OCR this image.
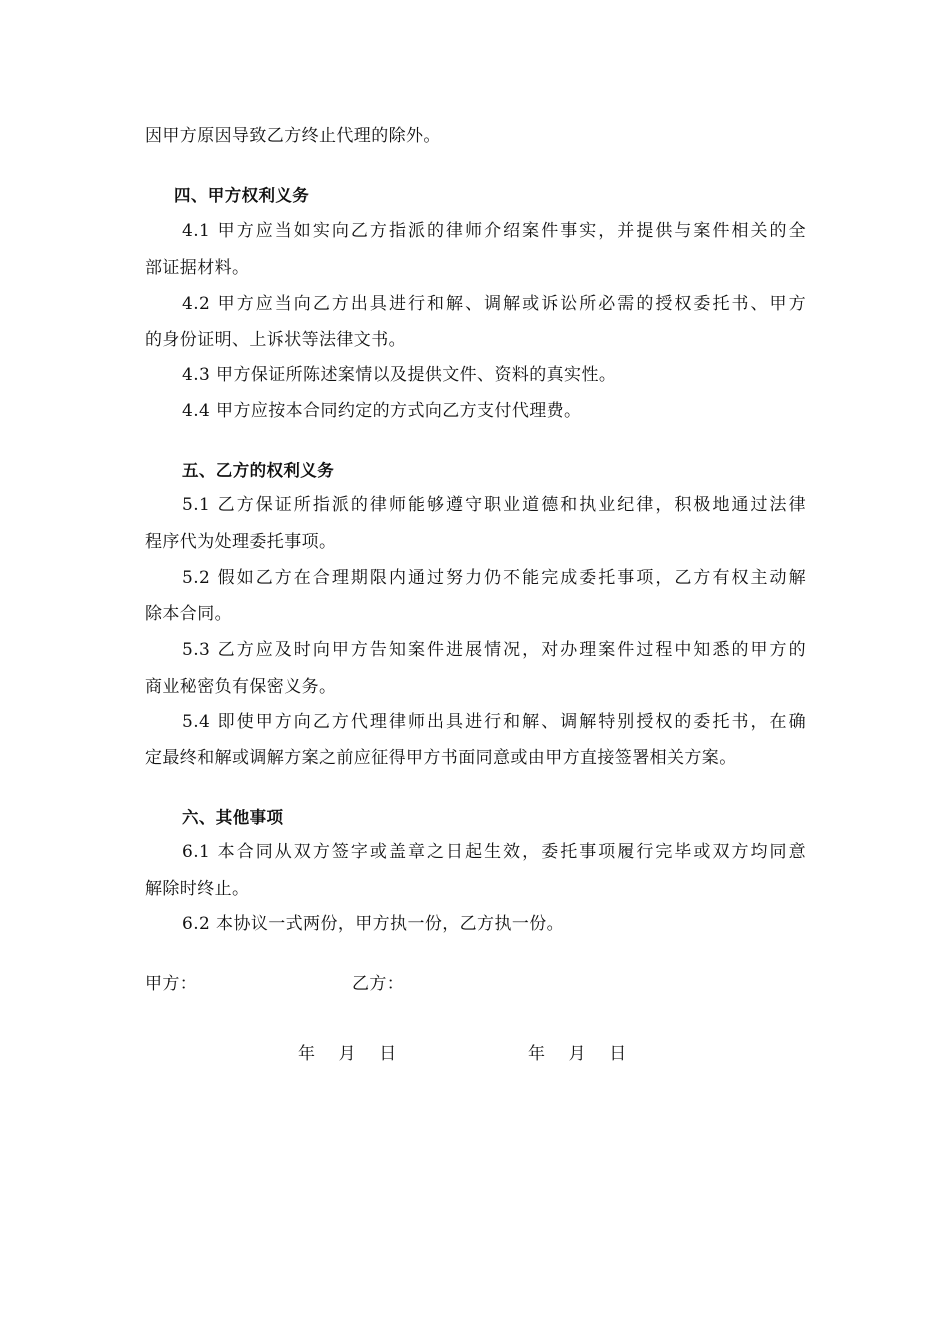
因甲方原因导致乙方终止代理的除外。
四、甲方权利义务
4.1 甲方应当如实向乙方指派的律师介绍案件事实，并提供与案件相关的全
部证据材料。
4.2 甲方应当向乙方出具进行和解、调解或诉讼所必需的授权委托书、甲方
的身份证明、上诉状等法律文书。
4.3 甲方保证所陈述案情以及提供文件、资料的真实性。
4.4 甲方应按本合同约定的方式向乙方支付代理费。
五、乙方的权利义务
5.1 乙方保证所指派的律师能够遵守职业道德和执业纪律，积极地通过法律
程序代为处理委托事项。
5.2 假如乙方在合理期限内通过努力仍不能完成委托事项，乙方有权主动解
除本合同。
5.3 乙方应及时向甲方告知案件进展情况，对办理案件过程中知悉的甲方的
商业秘密负有保密义务。
5.4 即使甲方向乙方代理律师出具进行和解、调解特别授权的委托书，在确
定最终和解或调解方案之前应征得甲方书面同意或由甲方直接签署相关方案。
六、其他事项
6.1 本合同从双方签字或盖章之日起生效，委托事项履行完毕或双方均同意
解除时终止。
6.2 本协议一式两份，甲方执一份，乙方执一份。
甲方：	乙方：
年    月    日	年    月    日
